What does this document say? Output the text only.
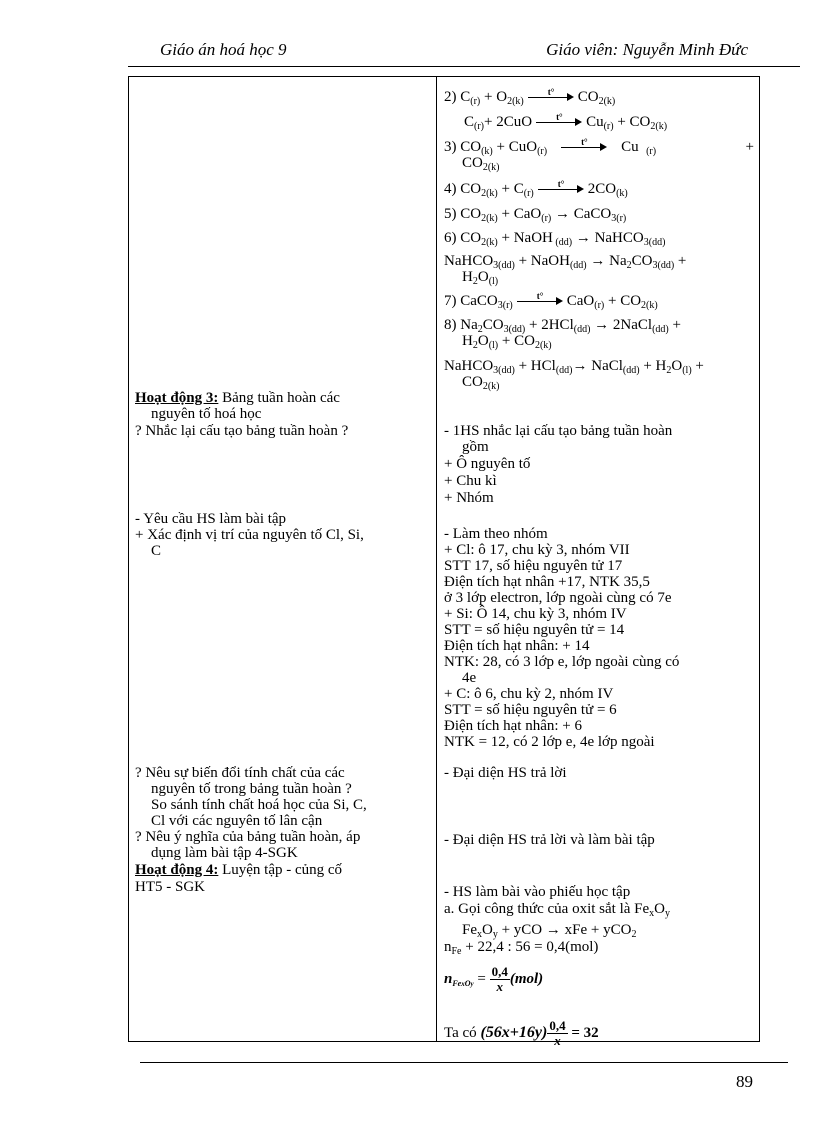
Giáo án hoá học 9	Giáo viên: Nguyễn Minh Đức
2) $C_{(r)} + O_{2(k)}$
t° $CO_{2(k)}$
$C_{(r)}+ 2CuO$	t° $Cu_{(r)} + CO_{2(k)}$
3) $CO_{(k)} + CuO_{(r)}$
t° Cu $_{(r)}$	+
$CO_{2(k)}$
4) $CO_{2(k)} + C_{(r)}$
t° $2CO_{(k)}$
5) $CO_{2(k)} + CaO_{(r)}$ → CaCO$_{3(r)}$
6) $CO_{2(k)}$ + NaOH $_{(dd)}$ → NaHCO$_{3(dd)}$
NaHCO$_{3(dd)}$ + NaOH$_{(dd)}$ → $Na_2CO_{3(dd)}$ +
$H_2O_{(l)}$
7) CaCO$_{3(r)}$
t° $CaO_{(r)} + CO_{2(k)}$
8) $Na_2CO_{3(dd)} + 2HCl_{(dd)}$ → 2NaCl$_{(dd)}$ +
$H_2O_{(l)} + CO_{2(k)}$
NaHCO$_{3(dd)}$ + HCl$_{(dd)}$→ NaCl$_{(dd)}$ + $H_2O_{(l)}$ +
$CO_{2(k)}$
Hoạt động 3: Bảng tuần hoàn các
nguyên tố hoá học
? Nhắc lại cấu tạo bảng tuần hoàn ?
- Yêu cầu HS làm bài tập
+ Xác định vị trí của nguyên tố Cl, Si,
C
? Nêu sự biến đổi tính chất của các
nguyên tố trong bảng tuần hoàn ?
So sánh tính chất hoá học của Si, C,
Cl với các nguyên tố lân cận
? Nêu ý nghĩa của bảng tuần hoàn, áp
dụng làm bài tập 4-SGK
Hoạt động 4: Luyện tập - củng cố
HT5 - SGK
- 1HS nhắc lại cấu tạo bảng tuần hoàn
gồm
+ Ô nguyên tố
+ Chu kì
+ Nhóm
- Làm theo nhóm
+ Cl: ô 17, chu kỳ 3, nhóm VII
STT 17, số hiệu nguyên tử 17
Điện tích hạt nhân +17, NTK 35,5
ở 3 lớp electron, lớp ngoài cùng có 7e
+ Si: Ô 14, chu kỳ 3, nhóm IV
STT = số hiệu nguyên tử = 14
Điện tích hạt nhân: + 14
NTK: 28, có 3 lớp e, lớp ngoài cùng có
4e
+ C: ô 6, chu kỳ 2, nhóm IV
STT = số hiệu nguyên tử = 6
Điện tích hạt nhân: + 6
NTK = 12, có 2 lớp e, 4e lớp ngoài
- Đại diện HS trả lời
- Đại diện HS trả lời và làm bài tập
- HS làm bài vào phiếu học tập
a. Gọi công thức của oxit sắt là $Fe_xO_y$
$Fe_xO_y$ + yCO → xFe + yCO$_2$
$n_{Fe} + 22,4$ : 56 = 0,4(mol)
$n_{FexOy} = \frac{0,4}{x} (mol)$
Ta có $(56x+16y) \frac{0,4}{x} = 32$
89
